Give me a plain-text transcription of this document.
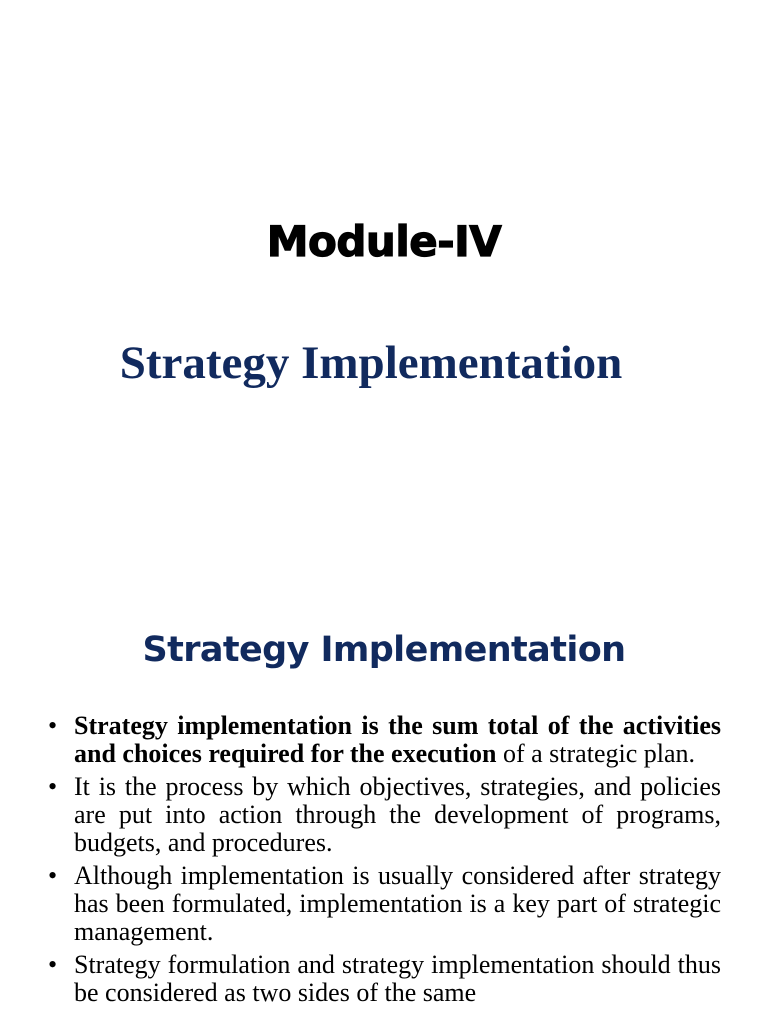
Module-IV
Strategy Implementation
Strategy Implementation
• Strategy implementation is the sum total of the activities and choices required for the execution of a strategic plan.
• It is the process by which objectives, strategies, and policies are put into action through the development of programs, budgets, and procedures.
• Although implementation is usually considered after strategy has been formulated, implementation is a key part of strategic management.
• Strategy formulation and strategy implementation should thus be considered as two sides of the same
